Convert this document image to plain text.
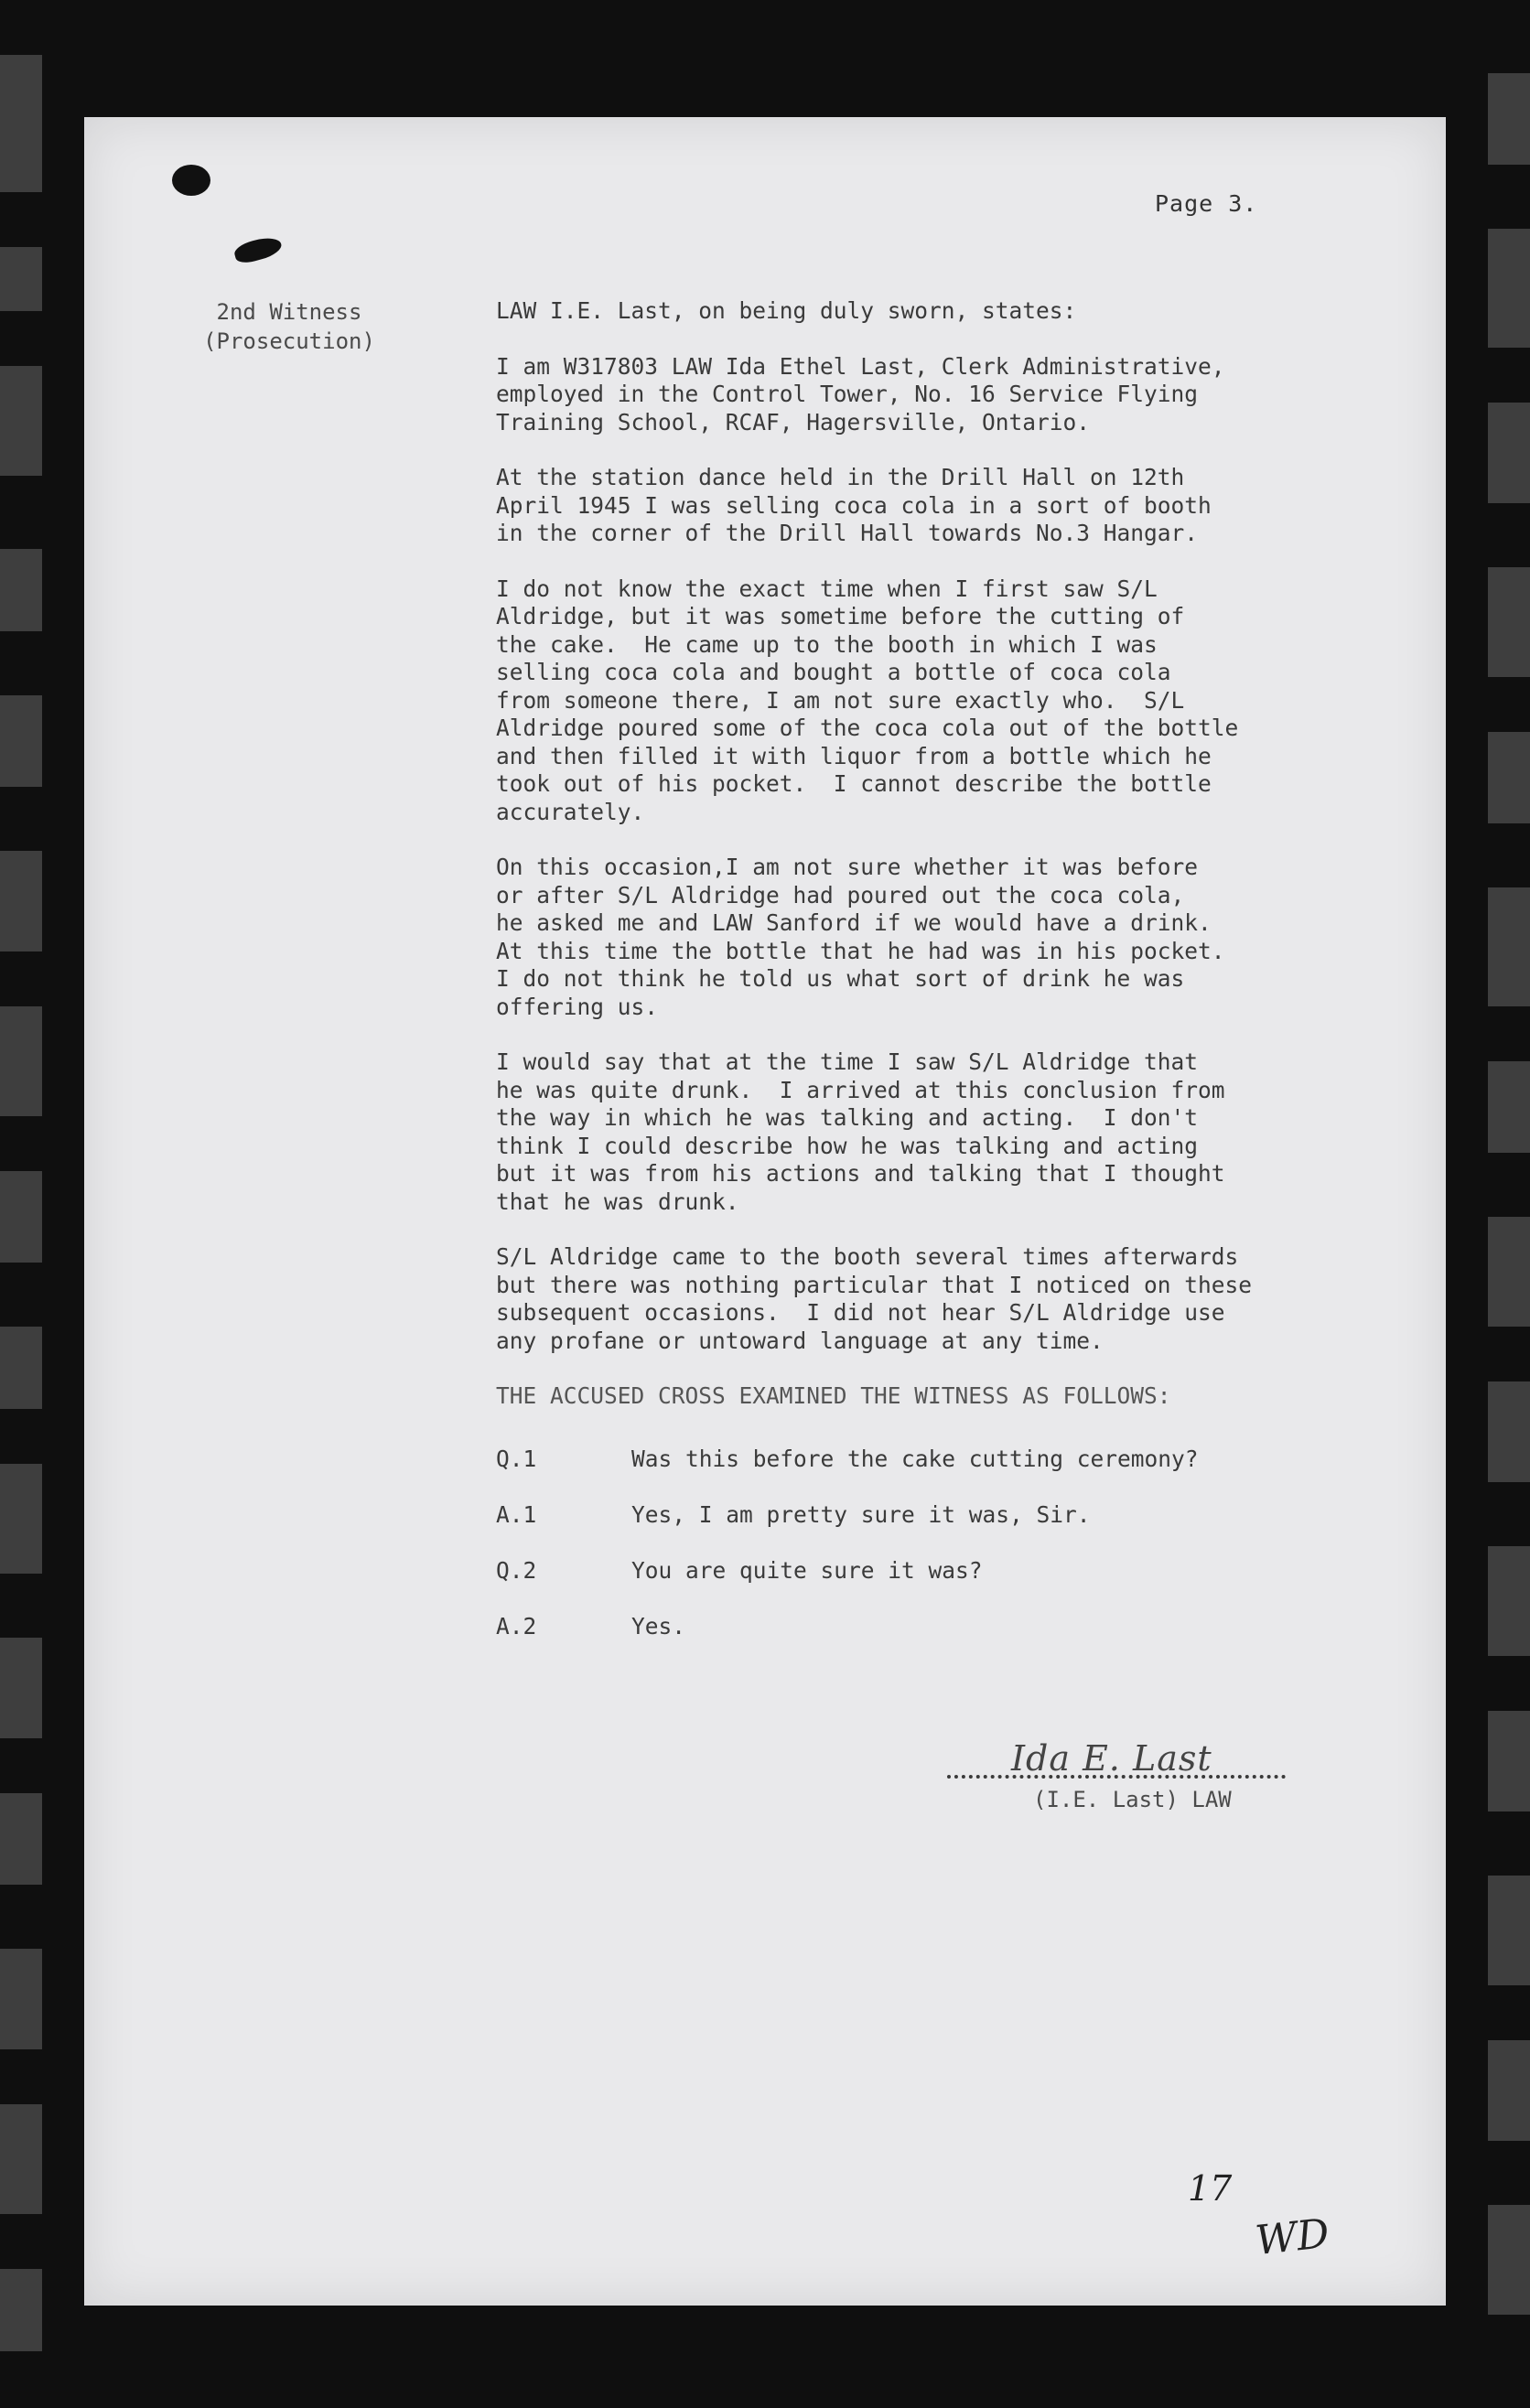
Page 3.
2nd Witness
(Prosecution)
LAW I.E. Last, on being duly sworn, states:
I am W317803 LAW Ida Ethel Last, Clerk Administrative,
employed in the Control Tower, No. 16 Service Flying
Training School, RCAF, Hagersville, Ontario.
At the station dance held in the Drill Hall on 12th
April 1945 I was selling coca cola in a sort of booth
in the corner of the Drill Hall towards No.3 Hangar.
I do not know the exact time when I first saw S/L
Aldridge, but it was sometime before the cutting of
the cake.  He came up to the booth in which I was
selling coca cola and bought a bottle of coca cola
from someone there, I am not sure exactly who.  S/L
Aldridge poured some of the coca cola out of the bottle
and then filled it with liquor from a bottle which he
took out of his pocket.  I cannot describe the bottle
accurately.
On this occasion,I am not sure whether it was before
or after S/L Aldridge had poured out the coca cola,
he asked me and LAW Sanford if we would have a drink.
At this time the bottle that he had was in his pocket.
I do not think he told us what sort of drink he was
offering us.
I would say that at the time I saw S/L Aldridge that
he was quite drunk.  I arrived at this conclusion from
the way in which he was talking and acting.  I don't
think I could describe how he was talking and acting
but it was from his actions and talking that I thought
that he was drunk.
S/L Aldridge came to the booth several times afterwards
but there was nothing particular that I noticed on these
subsequent occasions.  I did not hear S/L Aldridge use
any profane or untoward language at any time.
THE ACCUSED CROSS EXAMINED THE WITNESS AS FOLLOWS:
Q.1	Was this before the cake cutting ceremony?
A.1	Yes, I am pretty sure it was, Sir.
Q.2	You are quite sure it was?
A.2	Yes.
Ida E. Last
(I.E. Last) LAW
17
WD
